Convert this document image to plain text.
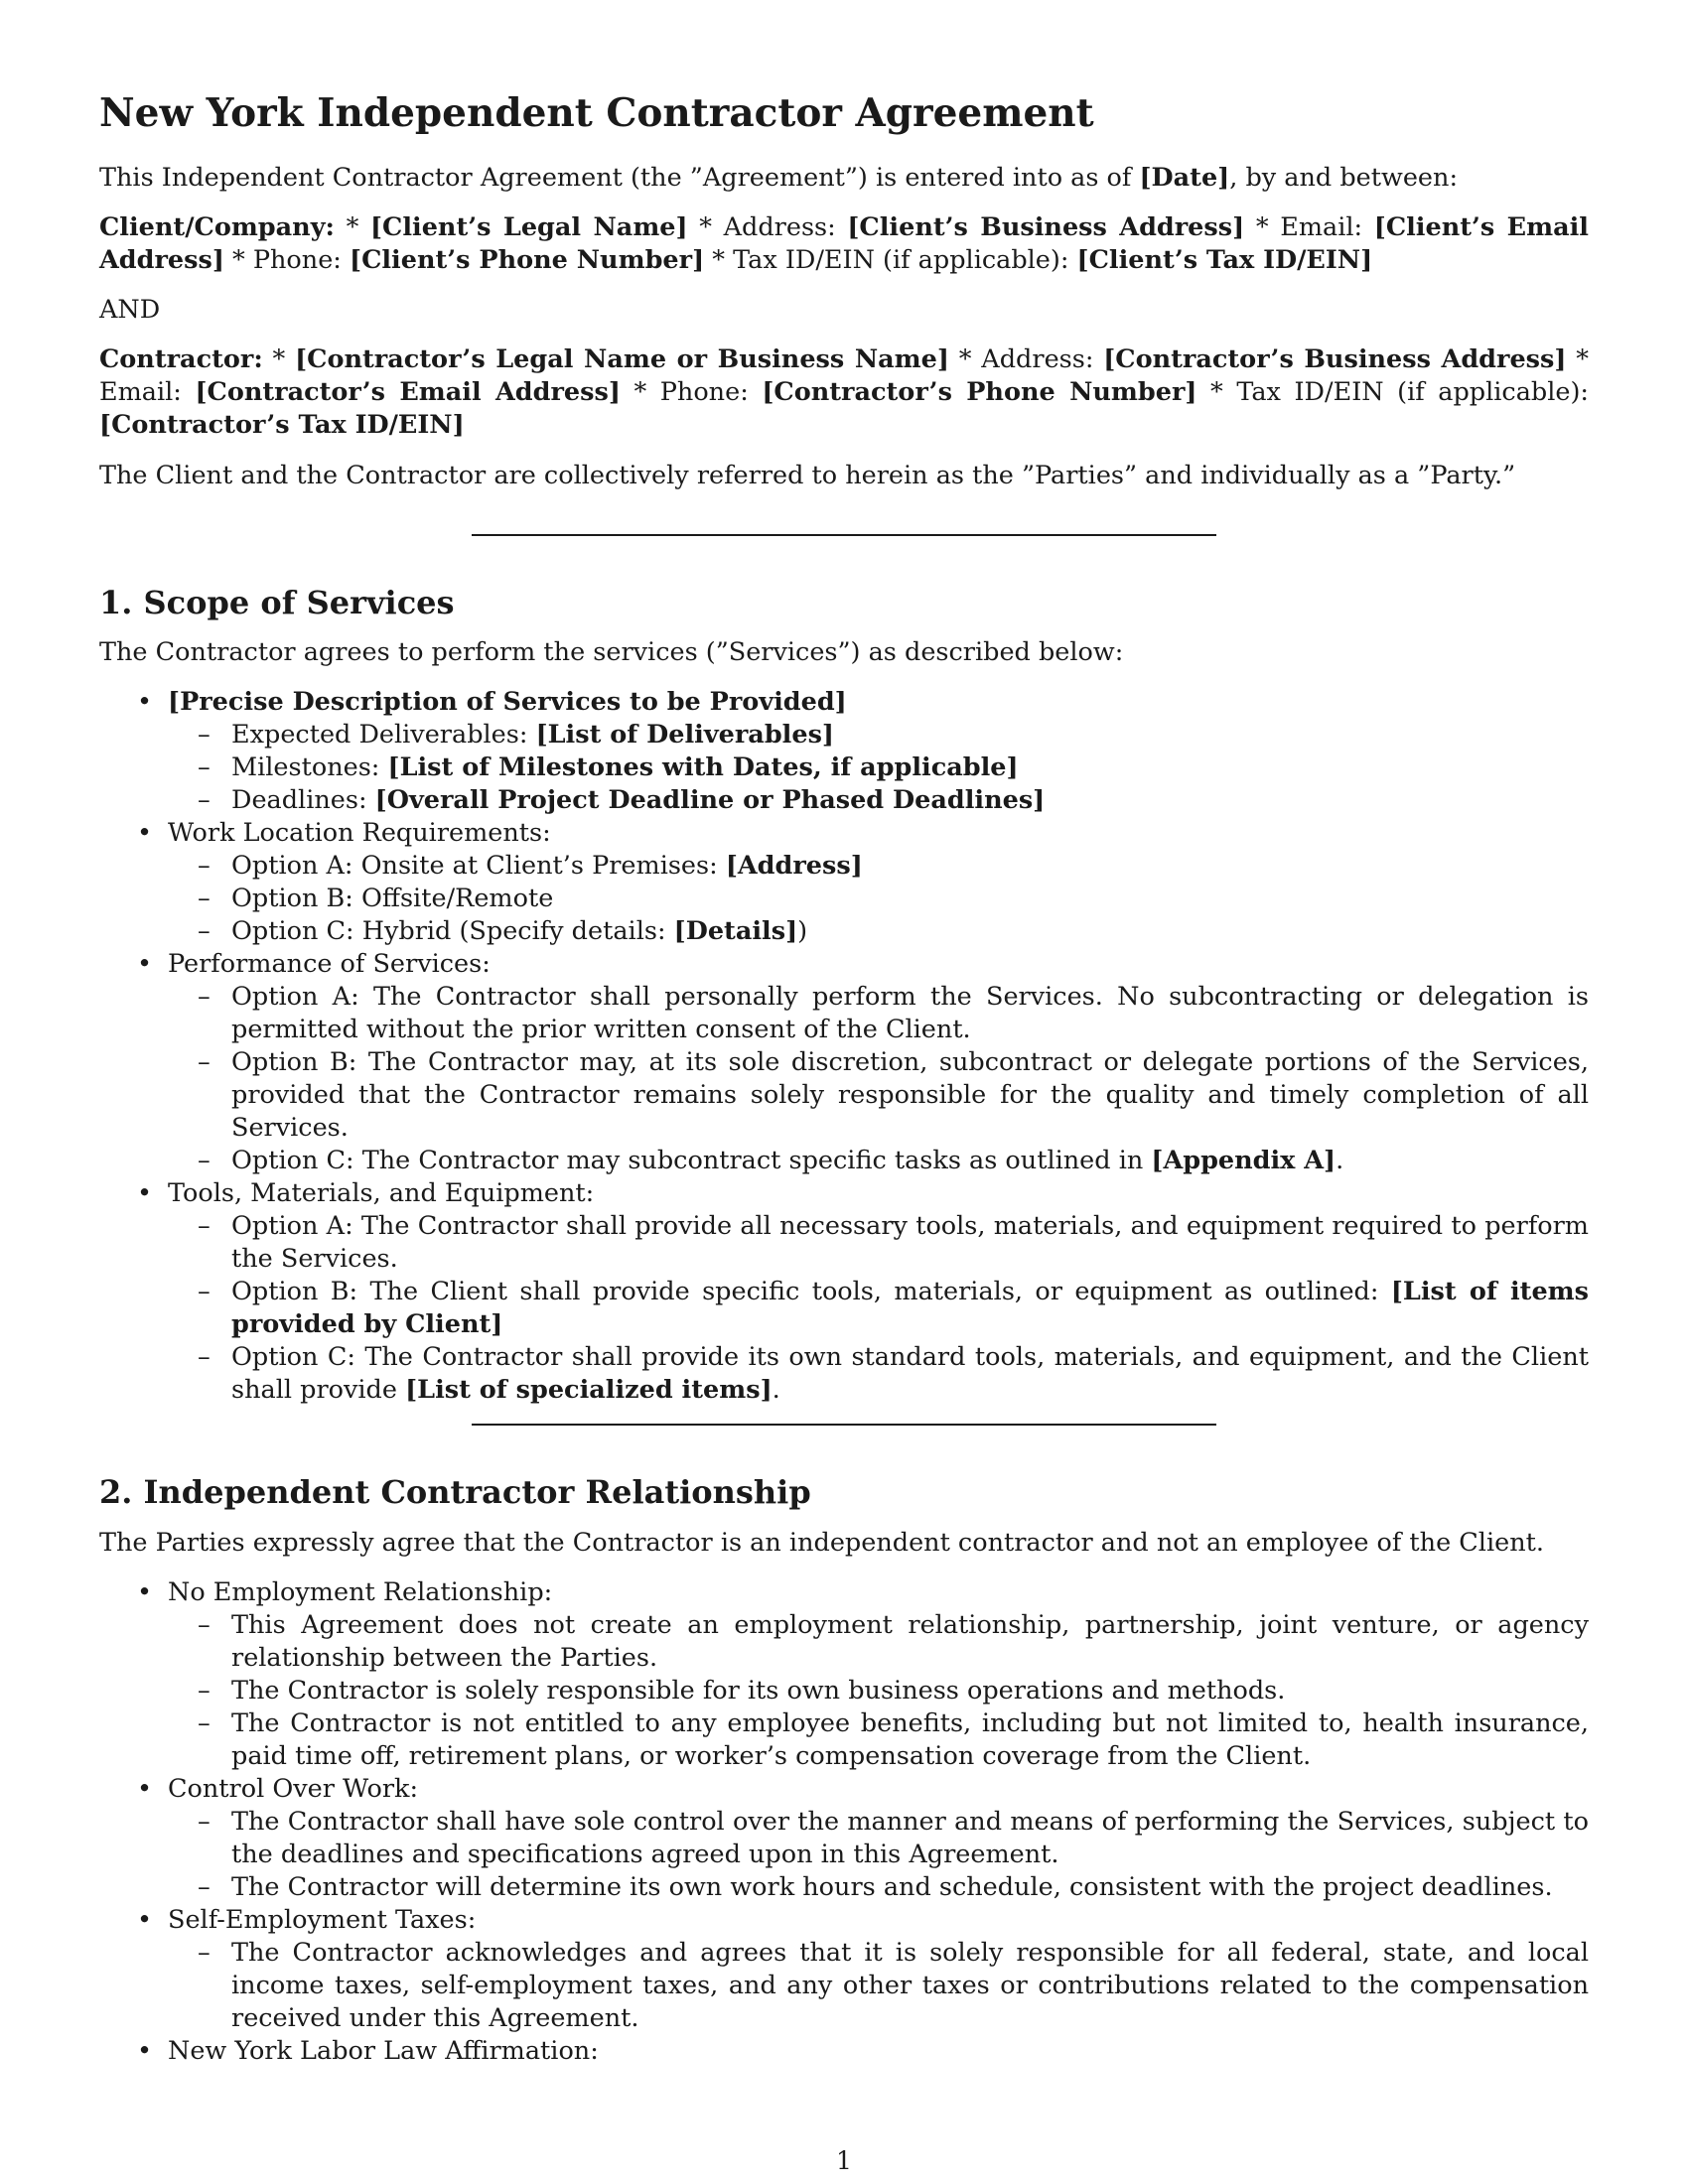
New York Independent Contractor Agreement

This Independent Contractor Agreement (the ”Agreement”) is entered into as of [Date], by and between:

Client/Company: * [Client’s Legal Name] * Address: [Client’s Business Address] * Email: [Client’s Email Address] * Phone: [Client’s Phone Number] * Tax ID/EIN (if applicable): [Client’s Tax ID/EIN]

AND

Contractor: * [Contractor’s Legal Name or Business Name] * Address: [Contractor’s Business Address] * Email: [Contractor’s Email Address] * Phone: [Contractor’s Phone Number] * Tax ID/EIN (if applicable): [Contractor’s Tax ID/EIN]

The Client and the Contractor are collectively referred to herein as the ”Parties” and individually as a ”Party.”

1. Scope of Services

The Contractor agrees to perform the services (”Services”) as described below:

• [Precise Description of Services to be Provided]
– Expected Deliverables: [List of Deliverables]
– Milestones: [List of Milestones with Dates, if applicable]
– Deadlines: [Overall Project Deadline or Phased Deadlines]
• Work Location Requirements:
– Option A: Onsite at Client’s Premises: [Address]
– Option B: Offsite/Remote
– Option C: Hybrid (Specify details: [Details])
• Performance of Services:
– Option A: The Contractor shall personally perform the Services. No subcontracting or delegation is permitted without the prior written consent of the Client.
– Option B: The Contractor may, at its sole discretion, subcontract or delegate portions of the Services, provided that the Contractor remains solely responsible for the quality and timely completion of all Services.
– Option C: The Contractor may subcontract specific tasks as outlined in [Appendix A].
• Tools, Materials, and Equipment:
– Option A: The Contractor shall provide all necessary tools, materials, and equipment required to perform the Services.
– Option B: The Client shall provide specific tools, materials, or equipment as outlined: [List of items provided by Client]
– Option C: The Contractor shall provide its own standard tools, materials, and equipment, and the Client shall provide [List of specialized items].
2. Independent Contractor Relationship

The Parties expressly agree that the Contractor is an independent contractor and not an employee of the Client.

• No Employment Relationship:
– This Agreement does not create an employment relationship, partnership, joint venture, or agency relationship between the Parties.
– The Contractor is solely responsible for its own business operations and methods.
– The Contractor is not entitled to any employee benefits, including but not limited to, health insurance, paid time off, retirement plans, or worker’s compensation coverage from the Client.
• Control Over Work:
– The Contractor shall have sole control over the manner and means of performing the Services, subject to the deadlines and specifications agreed upon in this Agreement.
– The Contractor will determine its own work hours and schedule, consistent with the project deadlines.
• Self-Employment Taxes:
– The Contractor acknowledges and agrees that it is solely responsible for all federal, state, and local income taxes, self-employment taxes, and any other taxes or contributions related to the compensation received under this Agreement.
• New York Labor Law Affirmation:
1
